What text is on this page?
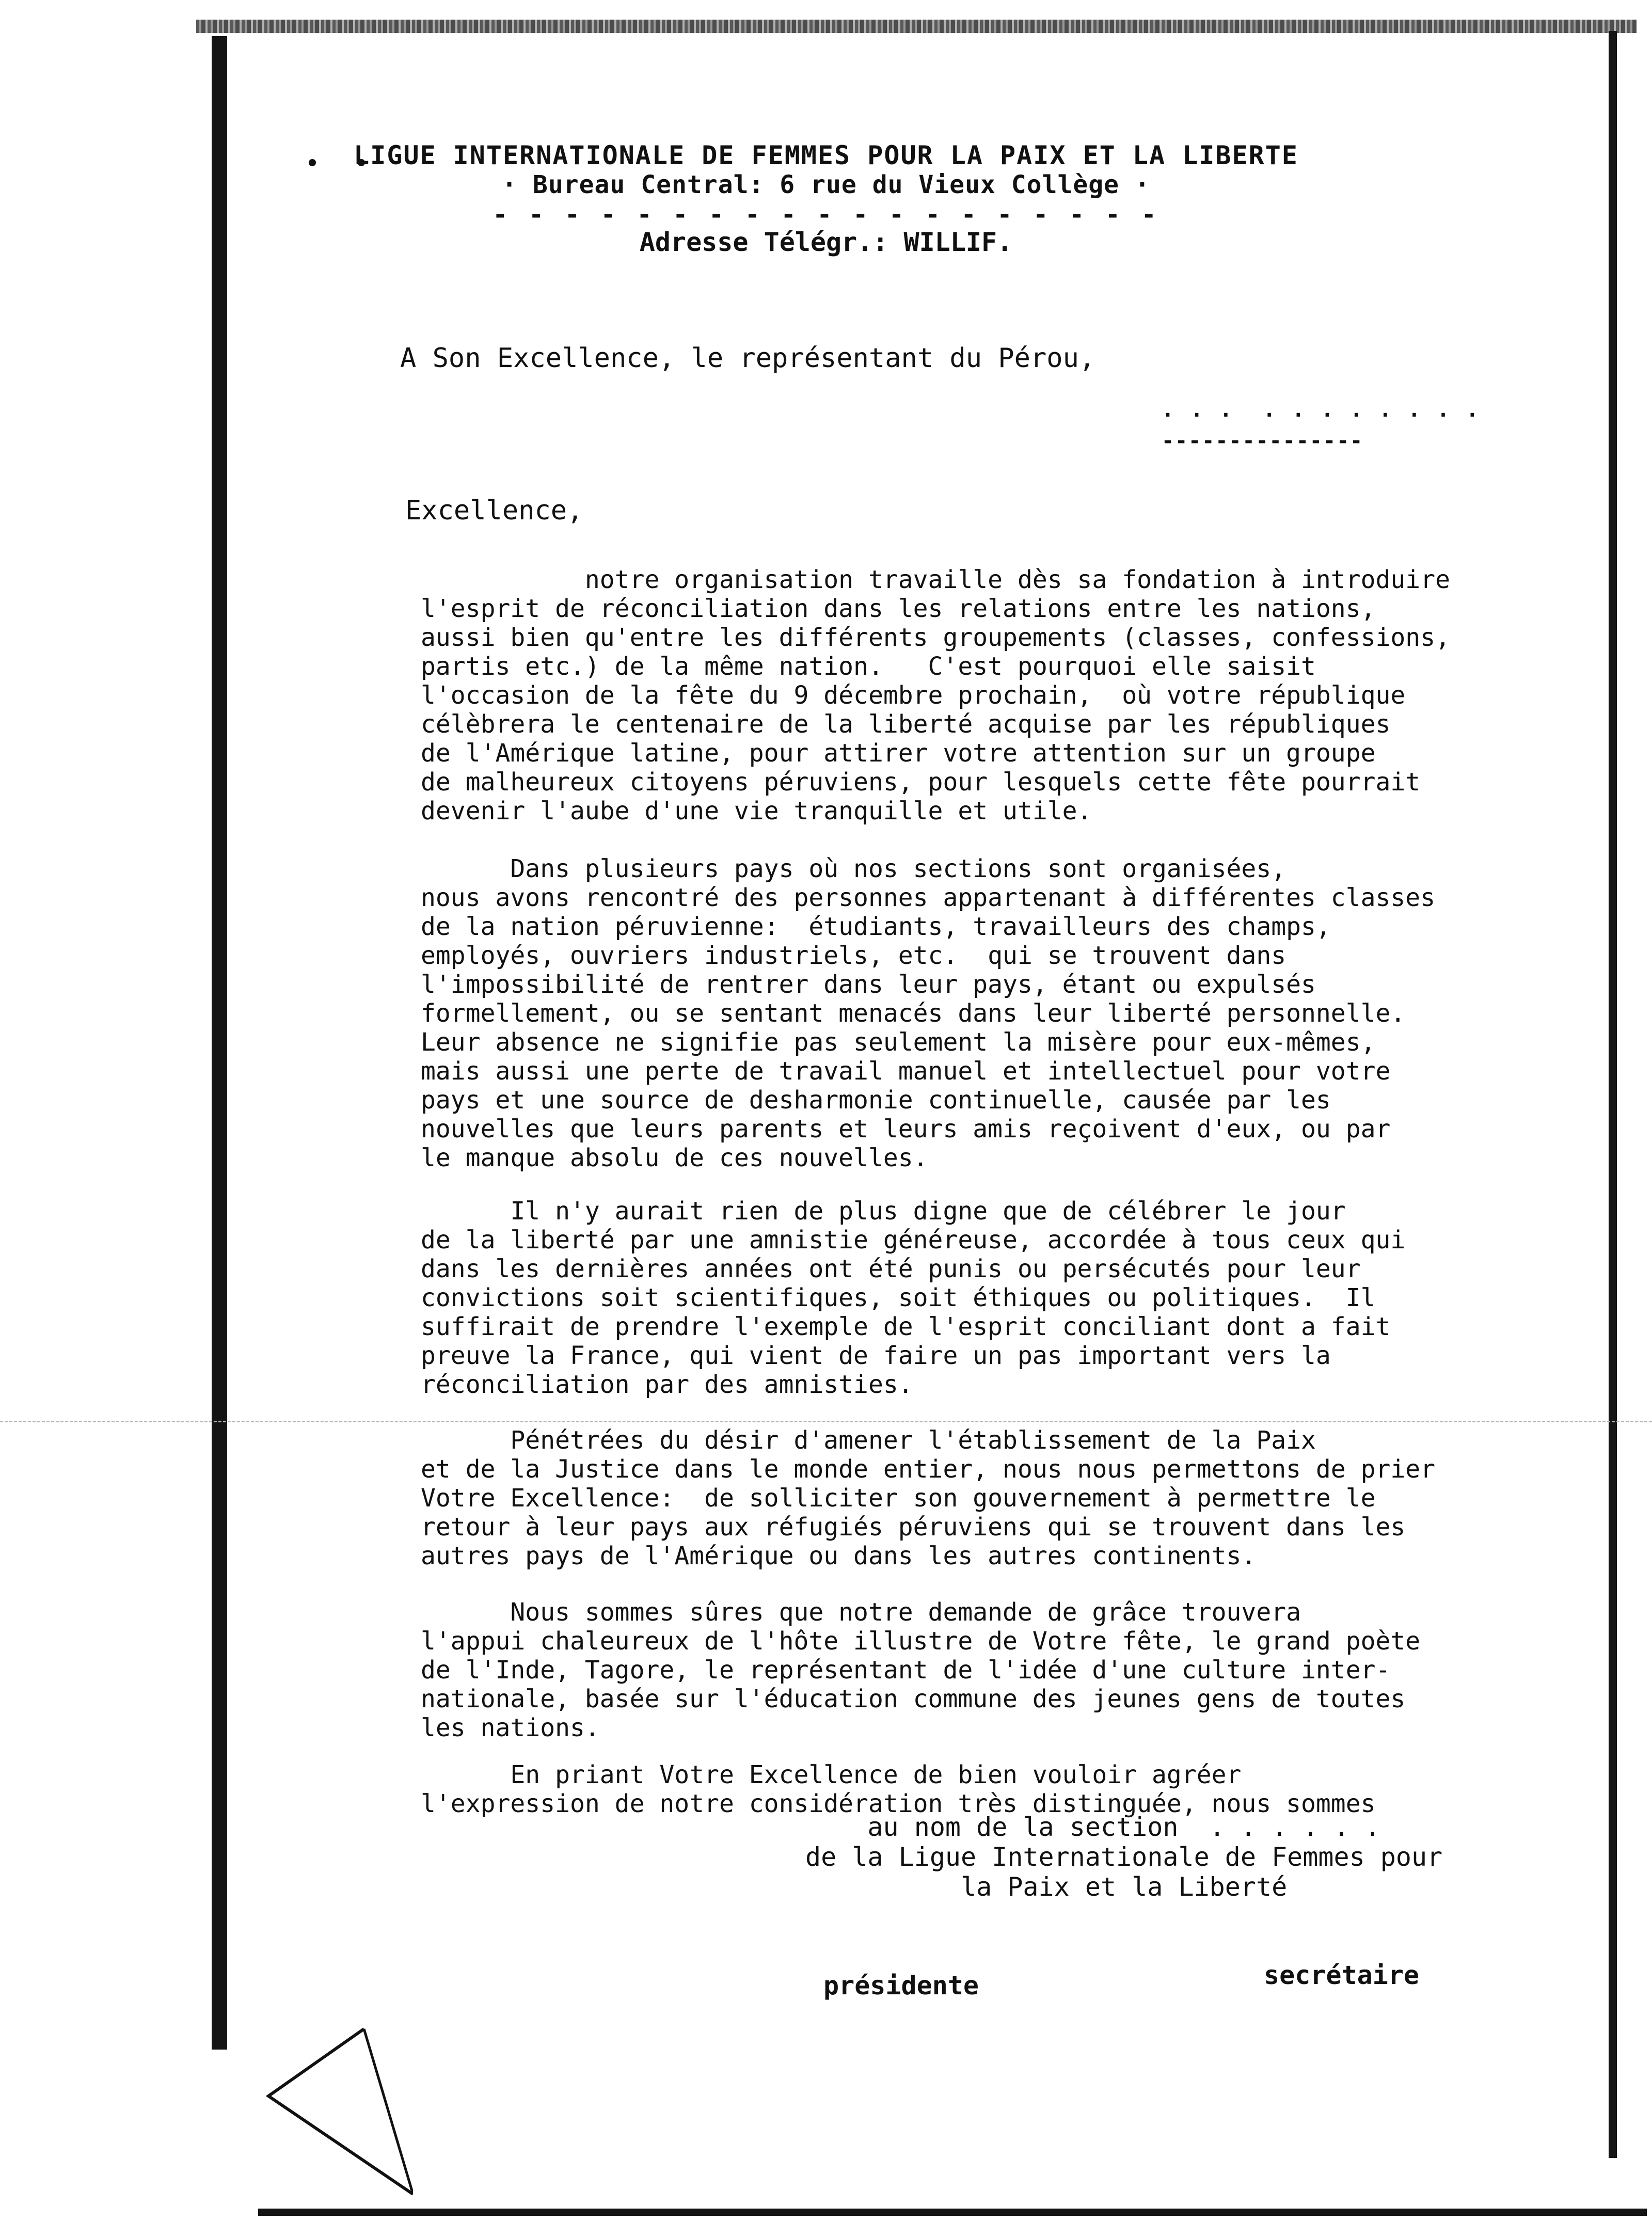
LIGUE INTERNATIONALE DE FEMMES POUR LA PAIX ET LA LIBERTE
· Bureau Central: 6 rue du Vieux Collège ·
- - - - - - - - - - - - - - - - - - -
Adresse Télégr.: WILLIF.
A Son Excellence, le représentant du Pérou,
. . .  . . . . . . . .
---------------
Excellence,
notre organisation travaille dès sa fondation à introduire
l'esprit de réconciliation dans les relations entre les nations,
aussi bien qu'entre les différents groupements (classes, confessions,
partis etc.) de la même nation.   C'est pourquoi elle saisit
l'occasion de la fête du 9 décembre prochain,  où votre république
célèbrera le centenaire de la liberté acquise par les républiques
de l'Amérique latine, pour attirer votre attention sur un groupe
de malheureux citoyens péruviens, pour lesquels cette fête pourrait
devenir l'aube d'une vie tranquille et utile.
Dans plusieurs pays où nos sections sont organisées,
nous avons rencontré des personnes appartenant à différentes classes
de la nation péruvienne:  étudiants, travailleurs des champs,
employés, ouvriers industriels, etc.  qui se trouvent dans
l'impossibilité de rentrer dans leur pays, étant ou expulsés
formellement, ou se sentant menacés dans leur liberté personnelle.
Leur absence ne signifie pas seulement la misère pour eux-mêmes,
mais aussi une perte de travail manuel et intellectuel pour votre
pays et une source de desharmonie continuelle, causée par les
nouvelles que leurs parents et leurs amis reçoivent d'eux, ou par
le manque absolu de ces nouvelles.
Il n'y aurait rien de plus digne que de célébrer le jour
de la liberté par une amnistie généreuse, accordée à tous ceux qui
dans les dernières années ont été punis ou persécutés pour leur
convictions soit scientifiques, soit éthiques ou politiques.  Il
suffirait de prendre l'exemple de l'esprit conciliant dont a fait
preuve la France, qui vient de faire un pas important vers la
réconciliation par des amnisties.
Pénétrées du désir d'amener l'établissement de la Paix
et de la Justice dans le monde entier, nous nous permettons de prier
Votre Excellence:  de solliciter son gouvernement à permettre le
retour à leur pays aux réfugiés péruviens qui se trouvent dans les
autres pays de l'Amérique ou dans les autres continents.
Nous sommes sûres que notre demande de grâce trouvera
l'appui chaleureux de l'hôte illustre de Votre fête, le grand poète
de l'Inde, Tagore, le représentant de l'idée d'une culture inter-
nationale, basée sur l'éducation commune des jeunes gens de toutes
les nations.
En priant Votre Excellence de bien vouloir agréer
l'expression de notre considération très distinguée, nous sommes
au nom de la section  . . . . . .
de la Ligue Internationale de Femmes pour
la Paix et la Liberté
présidente	secrétaire
